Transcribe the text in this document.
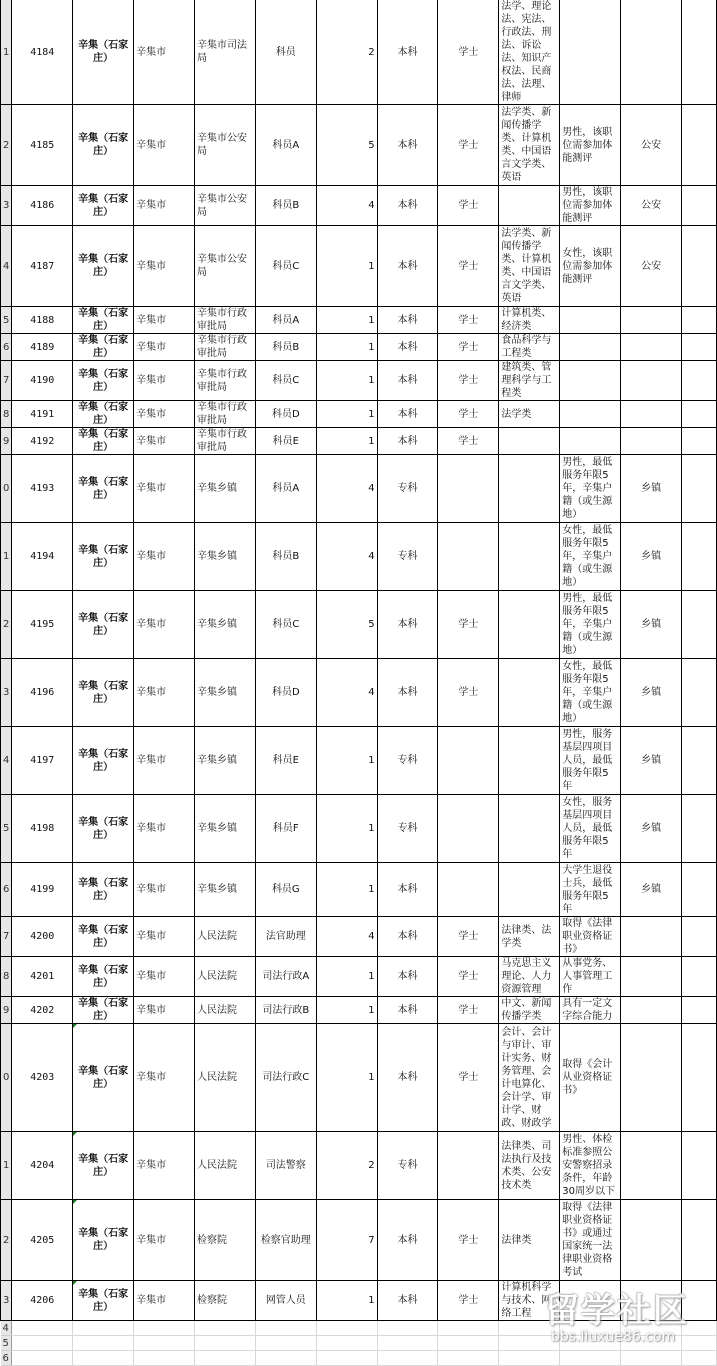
1	4184	辛集（石家庄）	辛集市	辛集市司法局	科员	2	本科	学士	法学、理论法、宪法、行政法、刑法、诉讼法、知识产权法、民商法、法理、律师			
2	4185	辛集（石家庄）	辛集市	辛集市公安局	科员A	5	本科	学士	法学类、新闻传播学类、计算机类、中国语言文学类、英语	男性，该职位需参加体能测评	公安	
3	4186	辛集（石家庄）	辛集市	辛集市公安局	科员B	4	本科	学士		男性，该职位需参加体能测评	公安	
4	4187	辛集（石家庄）	辛集市	辛集市公安局	科员C	1	本科	学士	法学类、新闻传播学类、计算机类、中国语言文学类、英语	女性，该职位需参加体能测评	公安	
5	4188	辛集（石家庄）	辛集市	辛集市行政审批局	科员A	1	本科	学士	计算机类、经济类			
6	4189	辛集（石家庄）	辛集市	辛集市行政审批局	科员B	1	本科	学士	食品科学与工程类			
7	4190	辛集（石家庄）	辛集市	辛集市行政审批局	科员C	1	本科	学士	建筑类、管理科学与工程类			
8	4191	辛集（石家庄）	辛集市	辛集市行政审批局	科员D	1	本科	学士	法学类			
9	4192	辛集（石家庄）	辛集市	辛集市行政审批局	科员E	1	本科	学士				
0	4193	辛集（石家庄）	辛集市	辛集乡镇	科员A	4	专科			男性，最低服务年限5年，辛集户籍（或生源地）	乡镇	
1	4194	辛集（石家庄）	辛集市	辛集乡镇	科员B	4	专科			女性，最低服务年限5年，辛集户籍（或生源地）	乡镇	
2	4195	辛集（石家庄）	辛集市	辛集乡镇	科员C	5	本科	学士		男性，最低服务年限5年，辛集户籍（或生源地）	乡镇	
3	4196	辛集（石家庄）	辛集市	辛集乡镇	科员D	4	本科	学士		女性，最低服务年限5年，辛集户籍（或生源地）	乡镇	
4	4197	辛集（石家庄）	辛集市	辛集乡镇	科员E	1	专科			男性，服务基层四项目人员，最低服务年限5年	乡镇	
5	4198	辛集（石家庄）	辛集市	辛集乡镇	科员F	1	专科			女性，服务基层四项目人员，最低服务年限5年	乡镇	
6	4199	辛集（石家庄）	辛集市	辛集乡镇	科员G	1	本科			大学生退役士兵，最低服务年限5年	乡镇	
7	4200	辛集（石家庄）	辛集市	人民法院	法官助理	4	本科	学士	法律类、法学类	取得《法律职业资格证书》		
8	4201	辛集（石家庄）	辛集市	人民法院	司法行政A	1	本科	学士	马克思主义理论、人力资源管理	从事党务、人事管理工作		
9	4202	辛集（石家庄）	辛集市	人民法院	司法行政B	1	本科	学士	中文、新闻传播学类	具有一定文字综合能力		
0	4203	辛集（石家庄）	辛集市	人民法院	司法行政C	1	本科	学士	会计、会计与审计、审计实务、财务管理、会计电算化、会计学、审计学、财政、财政学	取得《会计从业资格证书》		
1	4204	辛集（石家庄）	辛集市	人民法院	司法警察	2	专科		法律类、司法执行及技术类、公安技术类	男性、体检标准参照公安警察招录条件，年龄30周岁以下		
2	4205	辛集（石家庄）	辛集市	检察院	检察官助理	7	本科	学士	法律类	取得《法律职业资格证书》或通过国家统一法律职业资格考试		
3	4206	辛集（石家庄）	辛集市	检察院	网管人员	1	本科	学士	计算机科学与技术、网络工程			
4												
5												
6												
留学社区
bbs.liuxue86.com
